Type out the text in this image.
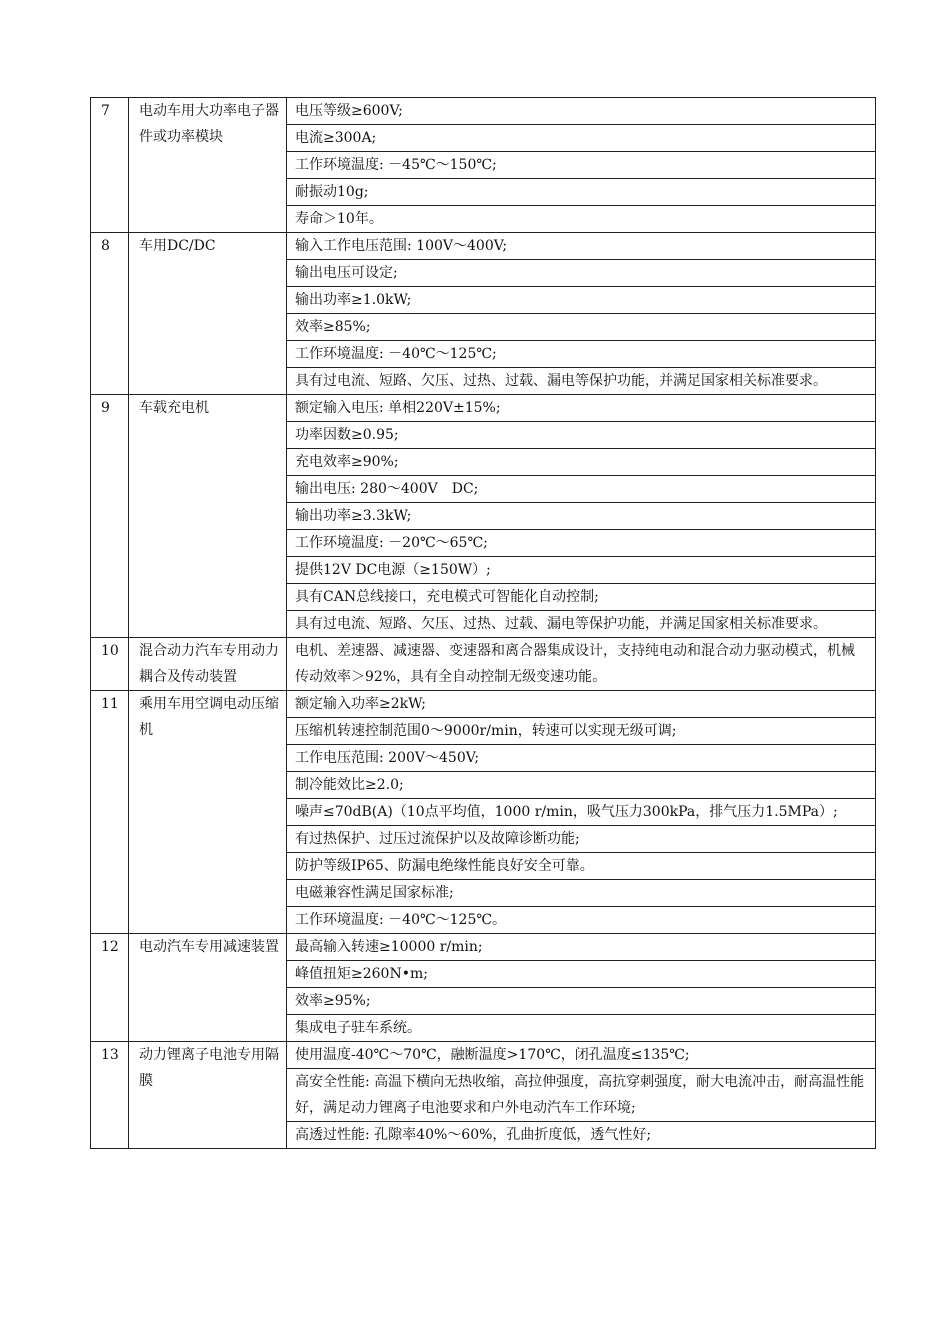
7	电动车用大功率电子器件或功率模块	电压等级≥600V;
		电流≥300A;
		工作环境温度: －45℃～150℃;
		耐振动10g;
		寿命＞10年。
8	车用DC/DC	输入工作电压范围: 100V～400V;
		输出电压可设定;
		输出功率≥1.0kW;
		效率≥85%;
		工作环境温度: －40℃～125℃;
		具有过电流、短路、欠压、过热、过载、漏电等保护功能，并满足国家相关标准要求。
9	车载充电机	额定输入电压: 单相220V±15%;
		功率因数≥0.95;
		充电效率≥90%;
		输出电压: 280～400V　DC;
		输出功率≥3.3kW;
		工作环境温度: －20℃～65℃;
		提供12V DC电源（≥150W）;
		具有CAN总线接口，充电模式可智能化自动控制;
		具有过电流、短路、欠压、过热、过载、漏电等保护功能，并满足国家相关标准要求。
10	混合动力汽车专用动力耦合及传动装置	电机、差速器、减速器、变速器和离合器集成设计，支持纯电动和混合动力驱动模式，机械传动效率＞92%，具有全自动控制无级变速功能。
11	乘用车用空调电动压缩机	额定输入功率≥2kW;
		压缩机转速控制范围0～9000r/min，转速可以实现无级可调;
		工作电压范围: 200V～450V;
		制冷能效比≥2.0;
		噪声≤70dB(A)（10点平均值，1000 r/min，吸气压力300kPa，排气压力1.5MPa）;
		有过热保护、过压过流保护以及故障诊断功能;
		防护等级IP65、防漏电绝缘性能良好安全可靠。
		电磁兼容性满足国家标准;
		工作环境温度: －40℃～125℃。
12	电动汽车专用减速装置	最高输入转速≥10000 r/min;
		峰值扭矩≥260N•m;
		效率≥95%;
		集成电子驻车系统。
13	动力锂离子电池专用隔膜	使用温度-40℃～70℃，融断温度>170℃，闭孔温度≤135℃;
		高安全性能: 高温下横向无热收缩，高拉伸强度，高抗穿刺强度，耐大电流冲击，耐高温性能好，满足动力锂离子电池要求和户外电动汽车工作环境;
		高透过性能: 孔隙率40%～60%，孔曲折度低，透气性好;
